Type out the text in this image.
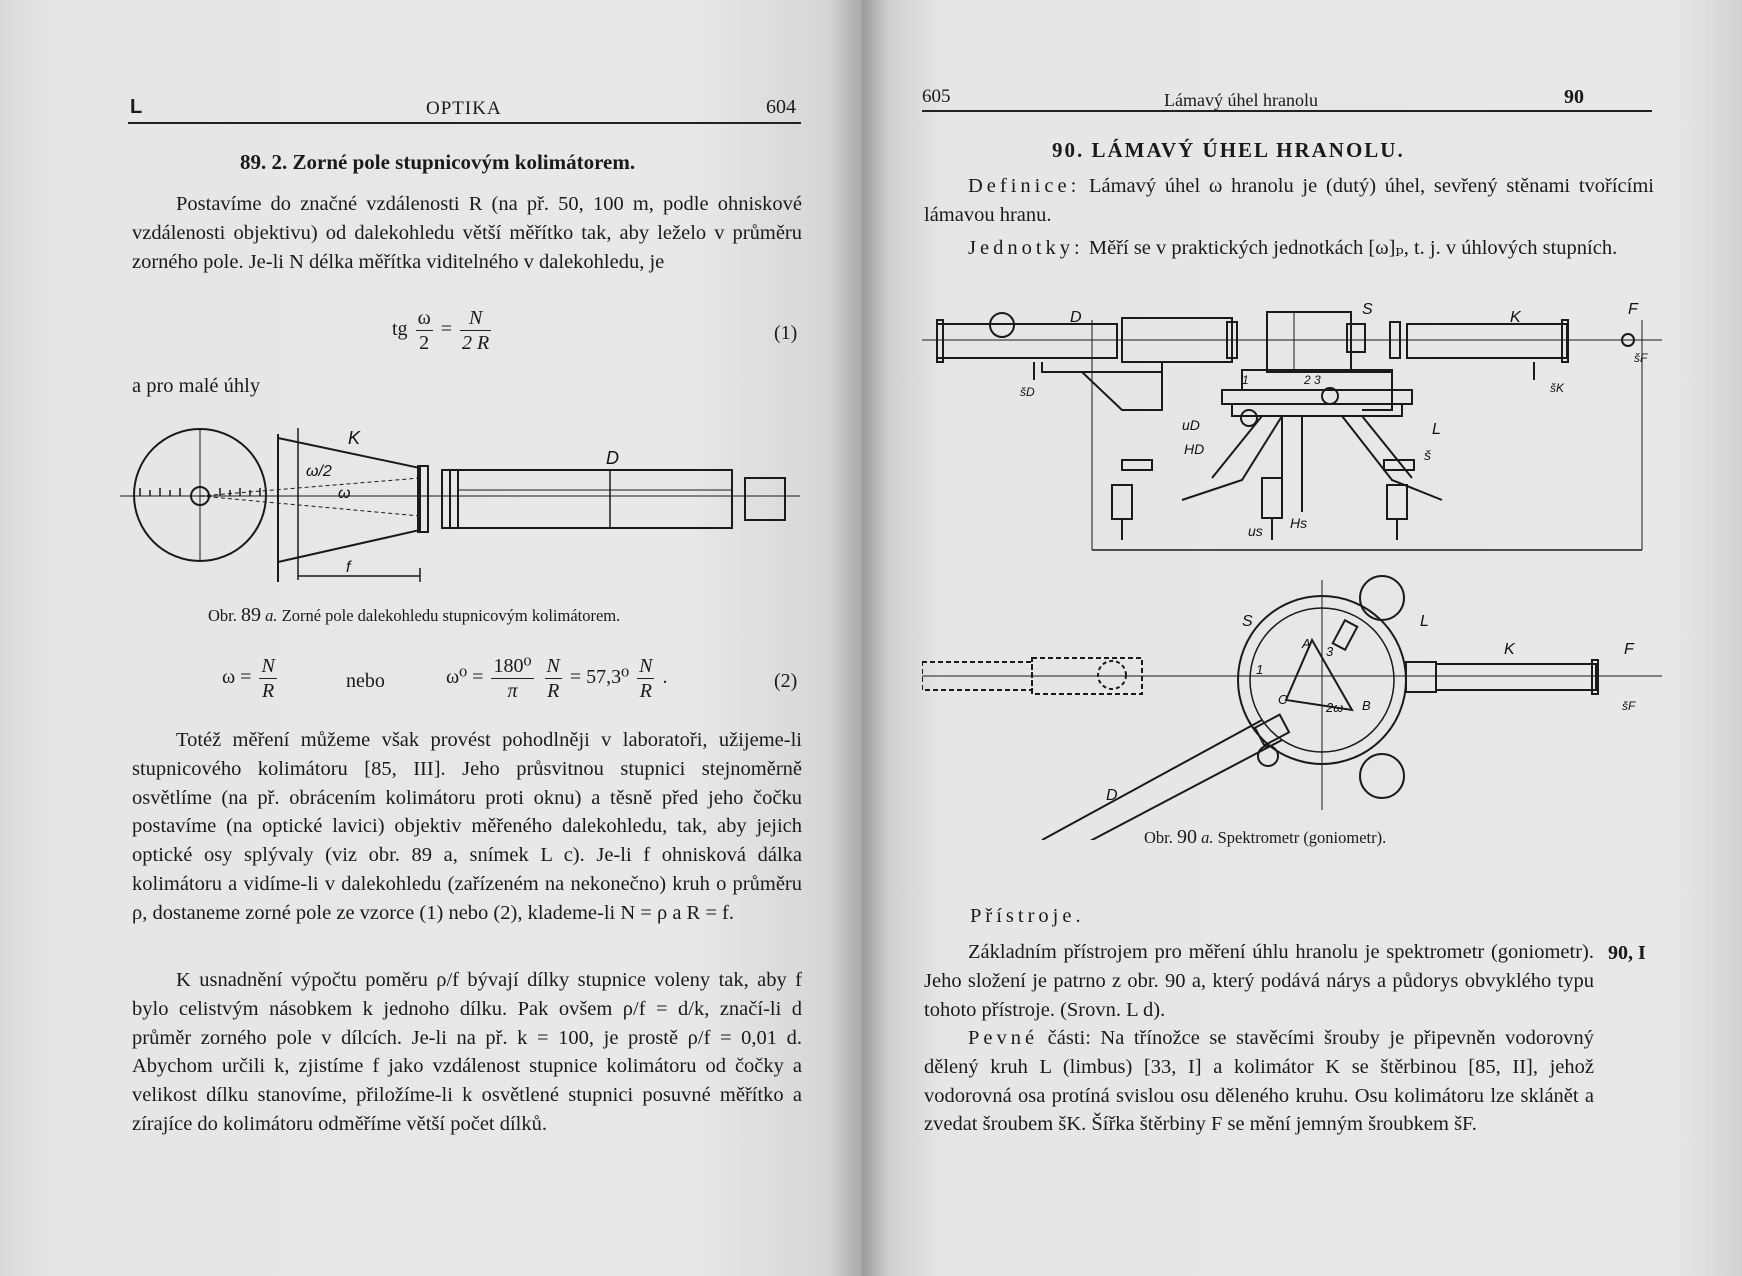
L	OPTIKA	604
89. 2. Zorné pole stupnicovým kolimátorem.

Postavíme do značné vzdálenosti R (na př. 50, 100 m, podle ohniskové vzdálenosti objektivu) od dalekohledu větší měřítko tak, aby leželo v průměru zorného pole. Je-li N délka měřítka viditelného v dalekohledu, je

tg $\frac{\omega}{2} = \frac{N}{2 R}$	(1)
a pro malé úhly
K
D
ω/2
ω
f
Obr. 89 a. Zorné pole dalekohledu stupnicovým kolimátorem.
$\omega = \frac{N}{R}$	nebo	$\omega^0 = \frac{\text{180⁰}}{\pi}$
$\frac{N}{R} = 57,3^0 \frac{N}{R}$ .	(2)

Totéž měření můžeme však provést pohodlněji v laboratoři, užijeme-li stupnicového kolimátoru [85, III]. Jeho průsvitnou stupnici stejnoměrně osvětlíme (na př. obrácením kolimátoru proti oknu) a těsně před jeho čočku postavíme (na optické lavici) objektiv měřeného dalekohledu, tak, aby jejich optické osy splývaly (viz obr. 89 a, snímek L c). Je-li f ohnisková dálka kolimátoru a vidíme-li v dalekohledu (zařízeném na nekonečno) kruh o průměru ρ, dostaneme zorné pole ze vzorce (1) nebo (2), klademe-li N = ρ a R = f.

K usnadnění výpočtu poměru ρ/f bývají dílky stupnice voleny tak, aby f bylo celistvým násobkem k jednoho dílku. Pak ovšem ρ/f = d/k, značí-li d průměr zorného pole v dílcích. Je-li na př. k = 100, je prostě ρ/f = 0,01 d. Abychom určili k, zjistíme f jako vzdálenost stupnice kolimátoru od čočky a velikost dílku stanovíme, přiložíme-li k osvětlené stupnici posuvné měřítko a zírajíce do kolimátoru odměříme větší počet dílků.

605	Lámavý úhel hranolu	90
90. LÁMAVÝ ÚHEL HRANOLU.

Definice: Lámavý úhel ω hranolu je (dutý) úhel, sevřený stěnami tvořícími lámavou hranu.

Jednotky: Měří se v praktických jednotkách [ω]ₚ, t. j. v úhlových stupních.

D	S	K	F
šF
šK
šD
1	2 3
uD
HD
L
š
Hs
us
S	L
K	F
šF
D
A
B
C
1
3
2ω
Obr. 90 a. Spektrometr (goniometr).
Přístroje.
90, I

Základním přístrojem pro měření úhlu hranolu je spektrometr (goniometr). Jeho složení je patrno z obr. 90 a, který podává nárys a půdorys obvyklého typu tohoto přístroje. (Srovn. L d).

Pevné části: Na třínožce se stavěcími šrouby je připevněn vodorovný dělený kruh L (limbus) [33, I] a kolimátor K se štěrbinou [85, II], jehož vodorovná osa protíná svislou osu děleného kruhu. Osu kolimátoru lze sklánět a zvedat šroubem šK. Šířka štěrbiny F se mění jemným šroubkem šF.
